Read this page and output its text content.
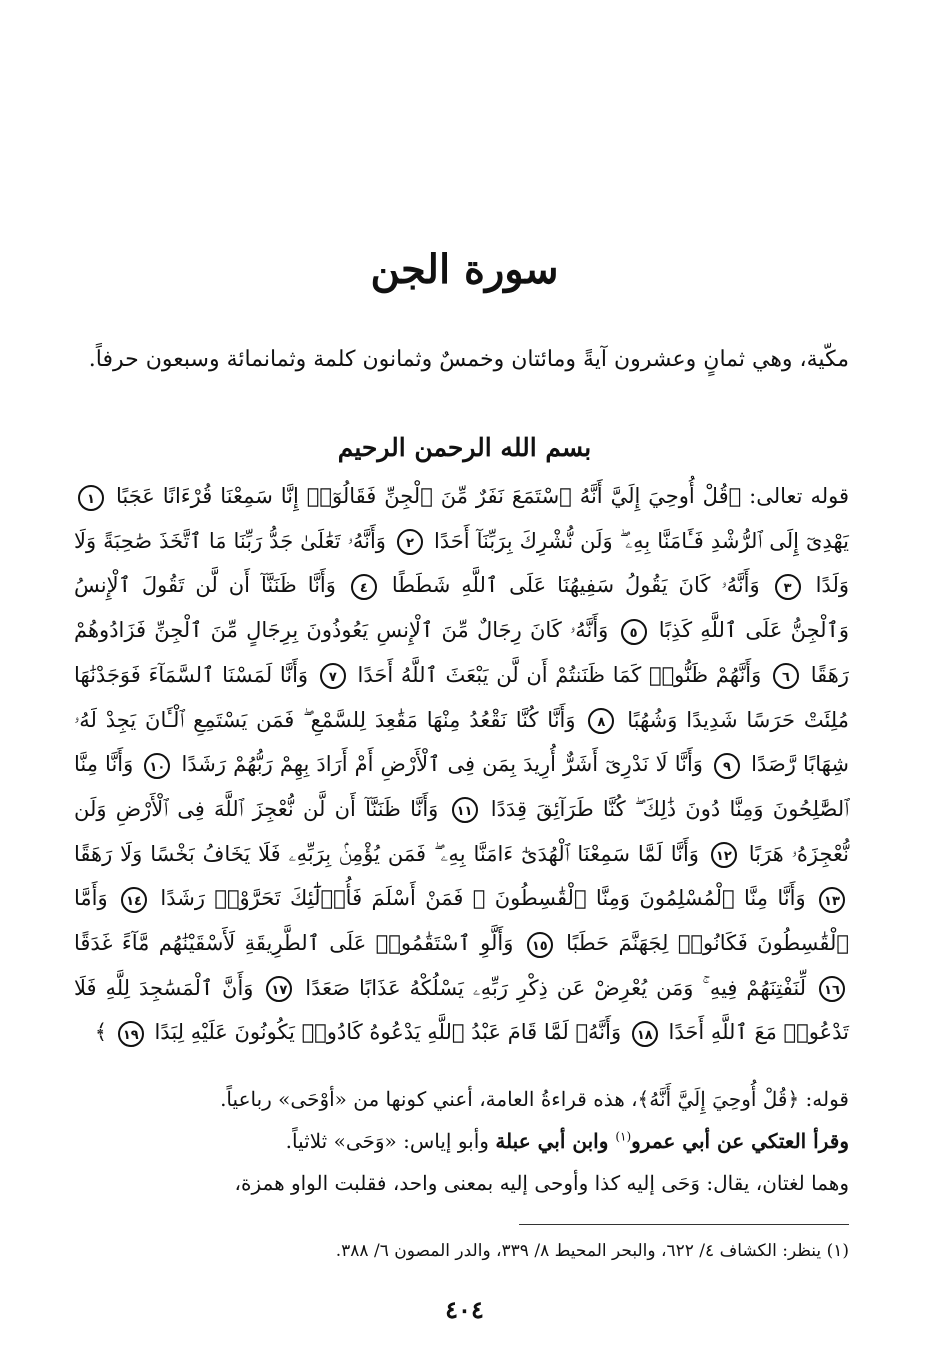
سورة الجن

مكّية، وهي ثمانٍ وعشرون آيةً ومائتان وخمسٌ وثمانون كلمة وثمانمائة وسبعون حرفاً.

بسم الله الرحمن الرحيم

قوله تعالى: ﴿قُلْ أُوحِيَ إِلَيَّ أَنَّهُ ٱسْتَمَعَ نَفَرٌ مِّنَ ٱلْجِنِّ فَقَالُوٓا۟ إِنَّا سَمِعْنَا قُرْءَانًا عَجَبًا ١ يَهْدِىٓ إِلَى ٱلرُّشْدِ فَـَٔامَنَّا بِهِۦ ۖ وَلَن نُّشْرِكَ بِرَبِّنَآ أَحَدًا ٢ وَأَنَّهُۥ تَعَٰلَىٰ جَدُّ رَبِّنَا مَا ٱتَّخَذَ صَٰحِبَةً وَلَا وَلَدًا ٣ وَأَنَّهُۥ كَانَ يَقُولُ سَفِيهُنَا عَلَى ٱللَّهِ شَطَطًا ٤ وَأَنَّا ظَنَنَّآ أَن لَّن تَقُولَ ٱلْإِنسُ وَٱلْجِنُّ عَلَى ٱللَّهِ كَذِبًا ٥ وَأَنَّهُۥ كَانَ رِجَالٌ مِّنَ ٱلْإِنسِ يَعُوذُونَ بِرِجَالٍ مِّنَ ٱلْجِنِّ فَزَادُوهُمْ رَهَقًا ٦ وَأَنَّهُمْ ظَنُّوا۟ كَمَا ظَنَنتُمْ أَن لَّن يَبْعَثَ ٱللَّهُ أَحَدًا ٧ وَأَنَّا لَمَسْنَا ٱلسَّمَآءَ فَوَجَدْنَٰهَا مُلِئَتْ حَرَسًا شَدِيدًا وَشُهُبًا ٨ وَأَنَّا كُنَّا نَقْعُدُ مِنْهَا مَقَٰعِدَ لِلسَّمْعِ ۖ فَمَن يَسْتَمِعِ ٱلْـَٔانَ يَجِدْ لَهُۥ شِهَابًا رَّصَدًا ٩ وَأَنَّا لَا نَدْرِىٓ أَشَرٌّ أُرِيدَ بِمَن فِى ٱلْأَرْضِ أَمْ أَرَادَ بِهِمْ رَبُّهُمْ رَشَدًا ١٠ وَأَنَّا مِنَّا ٱلصَّٰلِحُونَ وَمِنَّا دُونَ ذَٰلِكَ ۖ كُنَّا طَرَآئِقَ قِدَدًا ١١ وَأَنَّا ظَنَنَّآ أَن لَّن نُّعْجِزَ ٱللَّهَ فِى ٱلْأَرْضِ وَلَن نُّعْجِزَهُۥ هَرَبًا ١٢ وَأَنَّا لَمَّا سَمِعْنَا ٱلْهُدَىٰٓ ءَامَنَّا بِهِۦ ۖ فَمَن يُؤْمِنۢ بِرَبِّهِۦ فَلَا يَخَافُ بَخْسًا وَلَا رَهَقًا ١٣ وَأَنَّا مِنَّا ٱلْمُسْلِمُونَ وَمِنَّا ٱلْقَٰسِطُونَ ۖ فَمَنْ أَسْلَمَ فَأُو۟لَٰٓئِكَ تَحَرَّوْا۟ رَشَدًا ١٤ وَأَمَّا ٱلْقَٰسِطُونَ فَكَانُوا۟ لِجَهَنَّمَ حَطَبًا ١٥ وَأَلَّوِ ٱسْتَقَٰمُوا۟ عَلَى ٱلطَّرِيقَةِ لَأَسْقَيْنَٰهُم مَّآءً غَدَقًا ١٦ لِّنَفْتِنَهُمْ فِيهِ ۚ وَمَن يُعْرِضْ عَن ذِكْرِ رَبِّهِۦ يَسْلُكْهُ عَذَابًا صَعَدًا ١٧ وَأَنَّ ٱلْمَسَٰجِدَ لِلَّهِ فَلَا تَدْعُوا۟ مَعَ ٱللَّهِ أَحَدًا ١٨ وَأَنَّهُۥ لَمَّا قَامَ عَبْدُ ٱللَّهِ يَدْعُوهُ كَادُوا۟ يَكُونُونَ عَلَيْهِ لِبَدًا ١٩ ﴾

قوله: ﴿قُلْ أُوحِيَ إِلَيَّ أَنَّهُ﴾، هذه قراءةُ العامة، أعني كونها من «أوْحَى» رباعياً.

وقرأ العتكي عن أبي عمرو$^{(١)}$ وابن أبي عبلة وأبو إياس: «وَحَى» ثلاثياً.

وهما لغتان، يقال: وَحَى إليه كذا وأوحى إليه بمعنى واحد، فقلبت الواو همزة،

(١) ينظر: الكشاف ٤/ ٦٢٢، والبحر المحيط ٨/ ٣٣٩، والدر المصون ٦/ ٣٨٨.

٤٠٤
